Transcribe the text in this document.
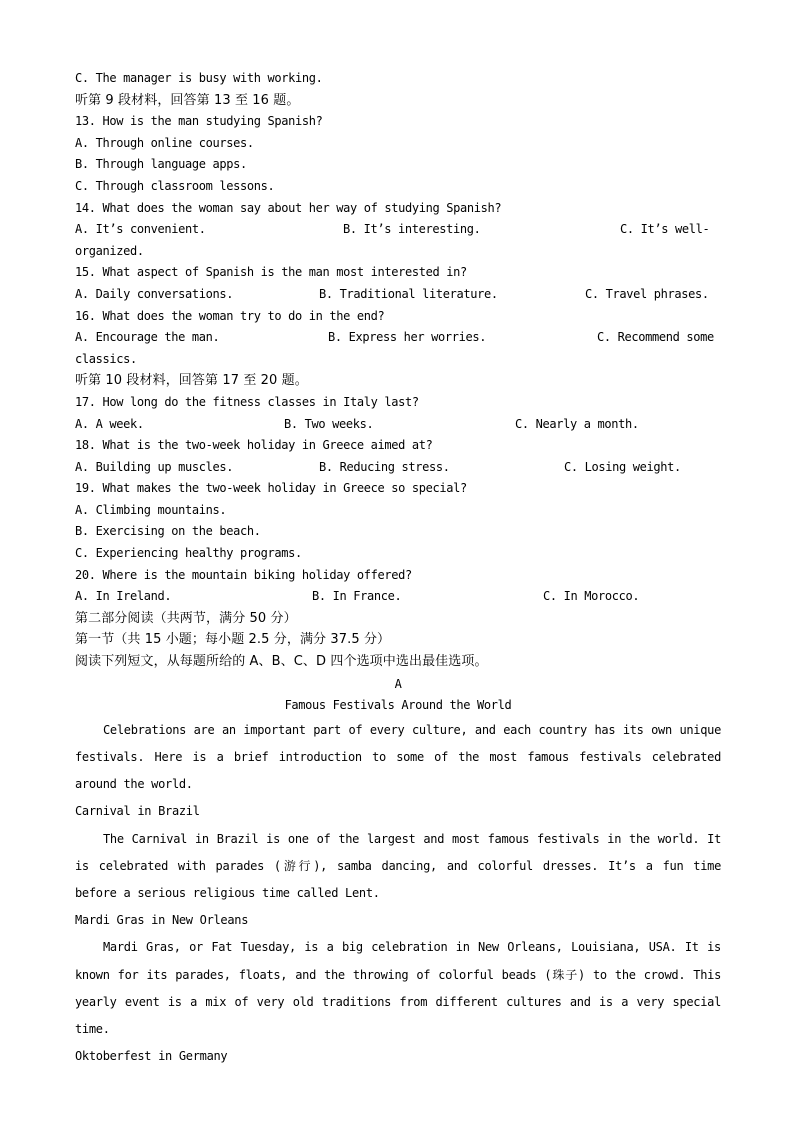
C. The manager is busy with working.
听第 9 段材料，回答第 13 至 16 题。
13. How is the man studying Spanish?
A. Through online courses.
B. Through language apps.
C. Through classroom lessons.
14. What does the woman say about her way of studying Spanish?
A. It’s convenient.	B. It’s interesting.	C. It’s well-
organized.
15. What aspect of Spanish is the man most interested in?
A. Daily conversations.	B. Traditional literature.	C. Travel phrases.
16. What does the woman try to do in the end?
A. Encourage the man.	B. Express her worries.	C. Recommend some
classics.
听第 10 段材料，回答第 17 至 20 题。
17. How long do the fitness classes in Italy last?
A. A week.	B. Two weeks.	C. Nearly a month.
18. What is the two-week holiday in Greece aimed at?
A. Building up muscles.	B. Reducing stress.	C. Losing weight.
19. What makes the two-week holiday in Greece so special?
A. Climbing mountains.
B. Exercising on the beach.
C. Experiencing healthy programs.
20. Where is the mountain biking holiday offered?
A. In Ireland.	B. In France.	C. In Morocco.
第二部分阅读（共两节，满分 50 分）
第一节（共 15 小题；每小题 2.5 分，满分 37.5 分）
阅读下列短文，从每题所给的 A、B、C、D 四个选项中选出最佳选项。
A
Famous Festivals Around the World
Celebrations are an important part of every culture, and each country has its own unique festivals. Here is a brief introduction to some of the most famous festivals celebrated around the world.
Carnival in Brazil
The Carnival in Brazil is one of the largest and most famous festivals in the world. It is celebrated with parades (游行), samba dancing, and colorful dresses. It’s a fun time before a serious religious time called Lent.
Mardi Gras in New Orleans
Mardi Gras, or Fat Tuesday, is a big celebration in New Orleans, Louisiana, USA. It is known for its parades, floats, and the throwing of colorful beads (珠子) to the crowd. This yearly event is a mix of very old traditions from different cultures and is a very special time.
Oktoberfest in Germany
